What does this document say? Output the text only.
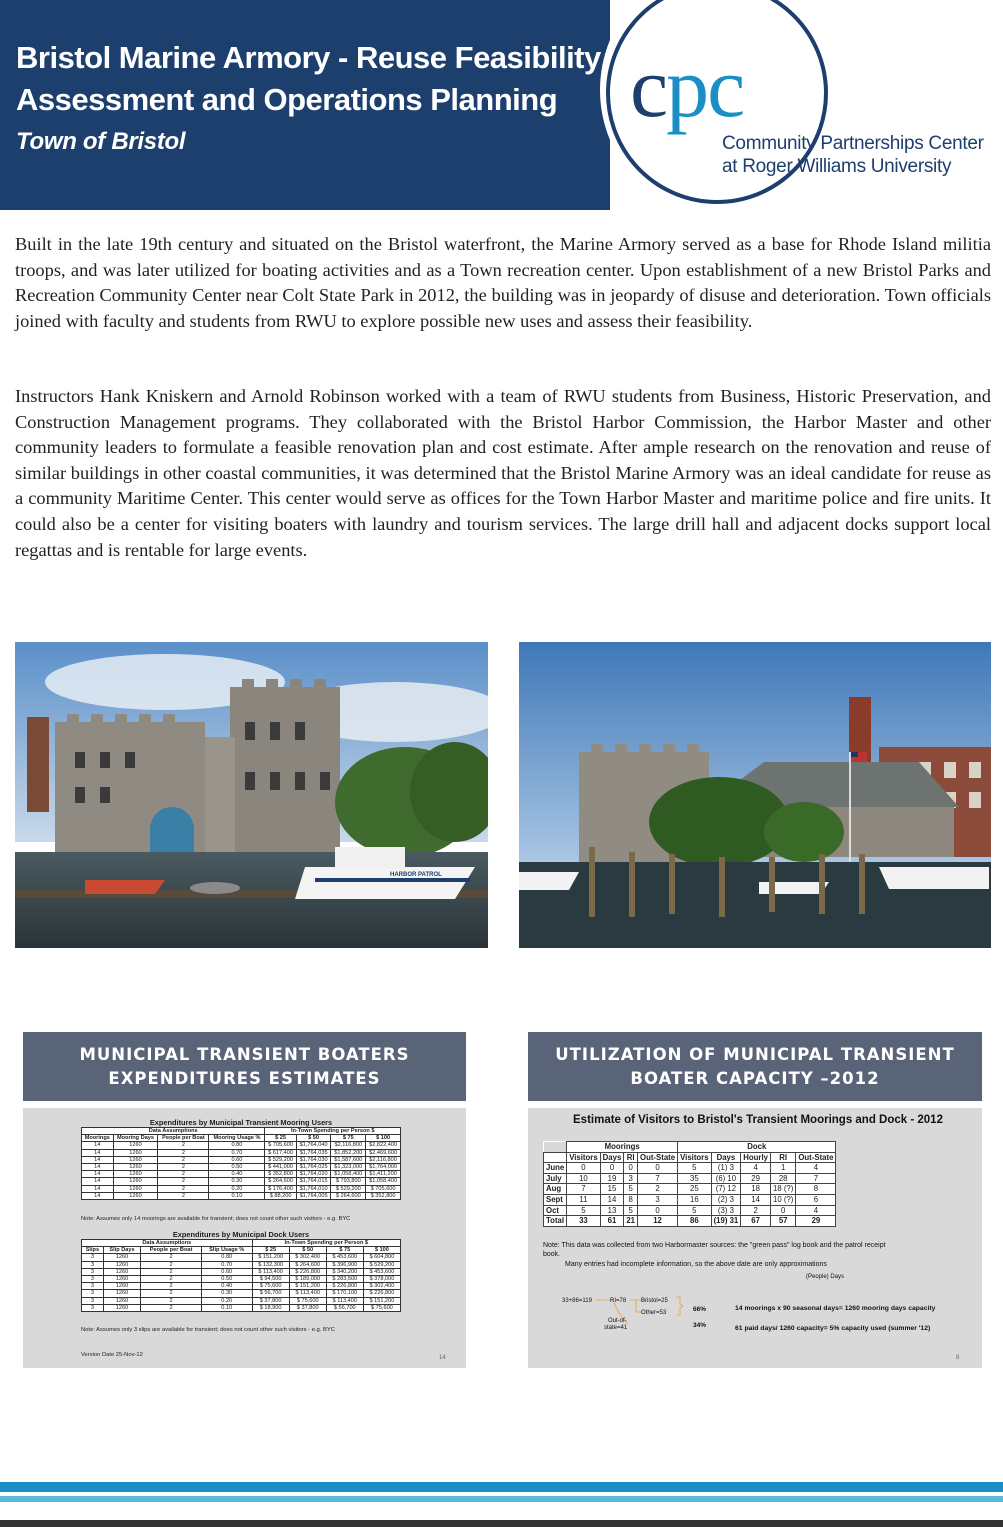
Bristol Marine Armory - Reuse Feasibility
Assessment and Operations Planning
Town of Bristol
cpc
Community Partnerships Center
at Roger Williams University

Built in the late 19th century and situated on the Bristol waterfront, the Marine Armory served as a base for Rhode Island militia troops, and was later utilized for boating activities and as a Town recreation center. Upon establishment of a new Bristol Parks and Recreation Community Center near Colt State Park in 2012, the building was in jeopardy of disuse and deterioration. Town officials joined with faculty and students from RWU to explore possible new uses and assess their feasibility.

Instructors Hank Kniskern and Arnold Robinson worked with a team of RWU students from Business, Historic Preservation, and Construction Management programs. They collaborated with the Bristol Harbor Commission, the Harbor Master and other community leaders to formulate a feasible renovation plan and cost estimate. After ample research on the renovation and reuse of similar buildings in other coastal communities, it was determined that the Bristol Marine Armory was an ideal candidate for reuse as a community Maritime Center. This center would serve as offices for the Town Harbor Master and maritime police and fire units. It could also be a center for visiting boaters with laundry and tourism services. The large drill hall and adjacent docks support local regattas and is rentable for large events.

HARBOR PATROL
MUNICIPAL TRANSIENT BOATERS
EXPENDITURES ESTIMATES
Expenditures by Municipal Transient Mooring Users
Data Assumptions				In-Town Spending per Person $			
Moorings	Mooring Days	People per Boat	Mooring Usage %	$ 25	$ 50	$ 75	$ 100
14	1260	2	0.80	$ 705,600	$1,764,040	$2,116,800	$2,822,400
14	1260	2	0.70	$ 617,400	$1,764,035	$1,852,200	$2,469,600
14	1260	2	0.60	$ 529,200	$1,764,030	$1,587,600	$2,116,800
14	1260	2	0.50	$ 441,000	$1,764,025	$1,323,000	$1,764,000
14	1260	2	0.40	$ 352,800	$1,764,020	$1,058,400	$1,411,200
14	1260	2	0.30	$ 264,600	$1,764,015	$ 793,800	$1,058,400
14	1260	2	0.20	$ 176,400	$1,764,010	$ 529,200	$ 705,600
14	1260	2	0.10	$ 88,200	$1,764,005	$ 264,600	$ 352,800
Note: Assumes only 14 moorings are available for transient; does not count other such visitors - e.g. BYC
Expenditures by Municipal Dock Users
Data Assumptions				In-Town Spending per Person $			
Slips	Slip Days	People per Boat	Slip Usage %	$ 25	$ 50	$ 75	$ 100
3	1260	2	0.80	$ 151,200	$ 302,400	$ 453,600	$ 604,800
3	1260	2	0.70	$ 132,300	$ 264,600	$ 396,900	$ 529,200
3	1260	2	0.60	$ 113,400	$ 226,800	$ 340,200	$ 453,600
3	1260	2	0.50	$ 94,500	$ 189,000	$ 283,500	$ 378,000
3	1260	2	0.40	$ 75,600	$ 151,200	$ 226,800	$ 302,400
3	1260	2	0.30	$ 56,700	$ 113,400	$ 170,100	$ 226,800
3	1260	2	0.20	$ 37,800	$ 75,600	$ 113,400	$ 151,200
3	1260	2	0.10	$ 18,900	$ 37,800	$ 56,700	$ 75,600
Note: Assumes only 3 slips are available for transient; does not count other such visitors - e.g. BYC
Version Date 25-Nov-12	14
UTILIZATION OF MUNICIPAL TRANSIENT
BOATER CAPACITY –2012
Estimate of Visitors to Bristol's Transient Moorings and Dock - 2012
	Moorings				Dock				
	Visitors	Days	RI	Out-State	Visitors	Days	Hourly	RI	Out-State
June	0	0	0	0	5	(1) 3	4	1	4
July	10	19	3	7	35	(6) 10	29	28	7
Aug	7	15	5	2	25	(7) 12	18	18 (?)	8
Sept	11	14	8	3	16	(2) 3	14	10 (?)	6
Oct	5	13	5	0	5	(3) 3	2	0	4
Total	33	61	21	12	86	(19) 31	67	57	29
Note: This data was collected from two Harbormaster sources: the "green pass" log book and the patrol receipt
book.
Many entries had incomplete information, so the above date are only approximations
(People) Days
33+86=119	RI=78 Bristol=25
Other=53
Out-of-
state=41
66%
34%
14 moorings x 90 seasonal days= 1260 mooring days capacity
61 paid days/ 1260 capacity= 5% capacity used (summer '12)
8
